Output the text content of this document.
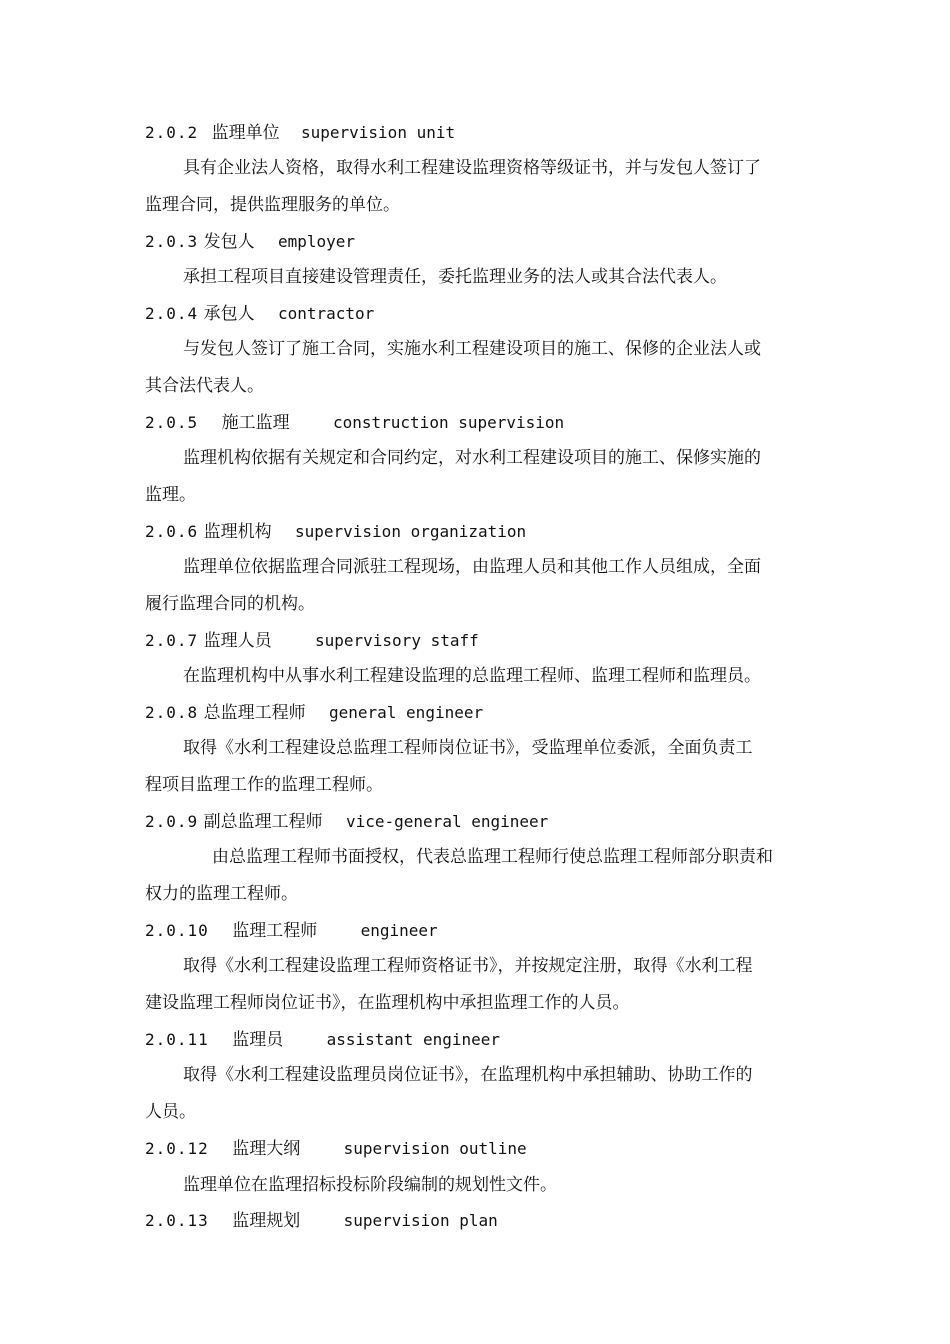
2.0.2 监理单位 supervision unit
具有企业法人资格，取得水利工程建设监理资格等级证书，并与发包人签订了
监理合同，提供监理服务的单位。
2.0.3 发包人 employer
承担工程项目直接建设管理责任，委托监理业务的法人或其合法代表人。
2.0.4 承包人 contractor
与发包人签订了施工合同，实施水利工程建设项目的施工、保修的企业法人或
其合法代表人。
2.0.5 施工监理	construction supervision
监理机构依据有关规定和合同约定，对水利工程建设项目的施工、保修实施的
监理。
2.0.6 监理机构 supervision organization
监理单位依据监理合同派驻工程现场，由监理人员和其他工作人员组成，全面
履行监理合同的机构。
2.0.7 监理人员	supervisory staff
在监理机构中从事水利工程建设监理的总监理工程师、监理工程师和监理员。
2.0.8 总监理工程师 general engineer
取得《水利工程建设总监理工程师岗位证书》，受监理单位委派，全面负责工
程项目监理工作的监理工程师。
2.0.9 副总监理工程师 vice-general engineer
由总监理工程师书面授权，代表总监理工程师行使总监理工程师部分职责和
权力的监理工程师。
2.0.10 监理工程师	engineer
取得《水利工程建设监理工程师资格证书》，并按规定注册，取得《水利工程
建设监理工程师岗位证书》，在监理机构中承担监理工作的人员。
2.0.11 监理员	assistant engineer
取得《水利工程建设监理员岗位证书》，在监理机构中承担辅助、协助工作的
人员。
2.0.12 监理大纲	supervision outline
监理单位在监理招标投标阶段编制的规划性文件。
2.0.13 监理规划	supervision plan
